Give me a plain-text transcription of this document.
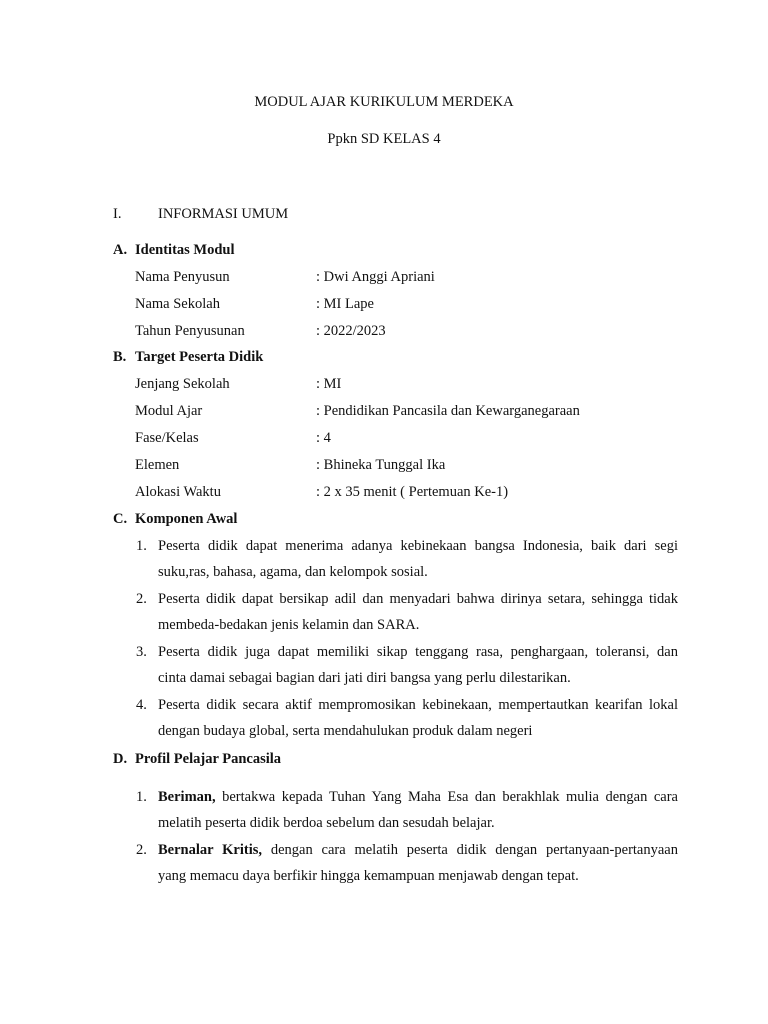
MODUL AJAR KURIKULUM MERDEKA
Ppkn SD KELAS 4
I.	INFORMASI UMUM
A. Identitas Modul
Nama Penyusun	: Dwi Anggi Apriani
Nama Sekolah	: MI Lape
Tahun Penyusunan	: 2022/2023
B. Target Peserta Didik
Jenjang Sekolah	: MI
Modul Ajar	: Pendidikan Pancasila dan Kewarganegaraan
Fase/Kelas	: 4
Elemen	: Bhineka Tunggal Ika
Alokasi Waktu	: 2 x 35 menit ( Pertemuan Ke-1)
C. Komponen Awal
1. Peserta didik dapat menerima adanya kebinekaan bangsa Indonesia, baik dari segi
suku,ras, bahasa, agama, dan kelompok sosial.
2. Peserta didik dapat bersikap adil dan menyadari bahwa dirinya setara, sehingga tidak
membeda-bedakan jenis kelamin dan SARA.
3. Peserta didik juga dapat memiliki sikap tenggang rasa, penghargaan, toleransi, dan
cinta damai sebagai bagian dari jati diri bangsa yang perlu dilestarikan.
4. Peserta didik secara aktif mempromosikan kebinekaan, mempertautkan kearifan lokal
dengan budaya global, serta mendahulukan produk dalam negeri
D. Profil Pelajar Pancasila
1. Beriman, bertakwa kepada Tuhan Yang Maha Esa dan berakhlak mulia dengan cara
melatih peserta didik berdoa sebelum dan sesudah belajar.
2. Bernalar Kritis, dengan cara melatih peserta didik dengan pertanyaan-pertanyaan
yang memacu daya berfikir hingga kemampuan menjawab dengan tepat.
